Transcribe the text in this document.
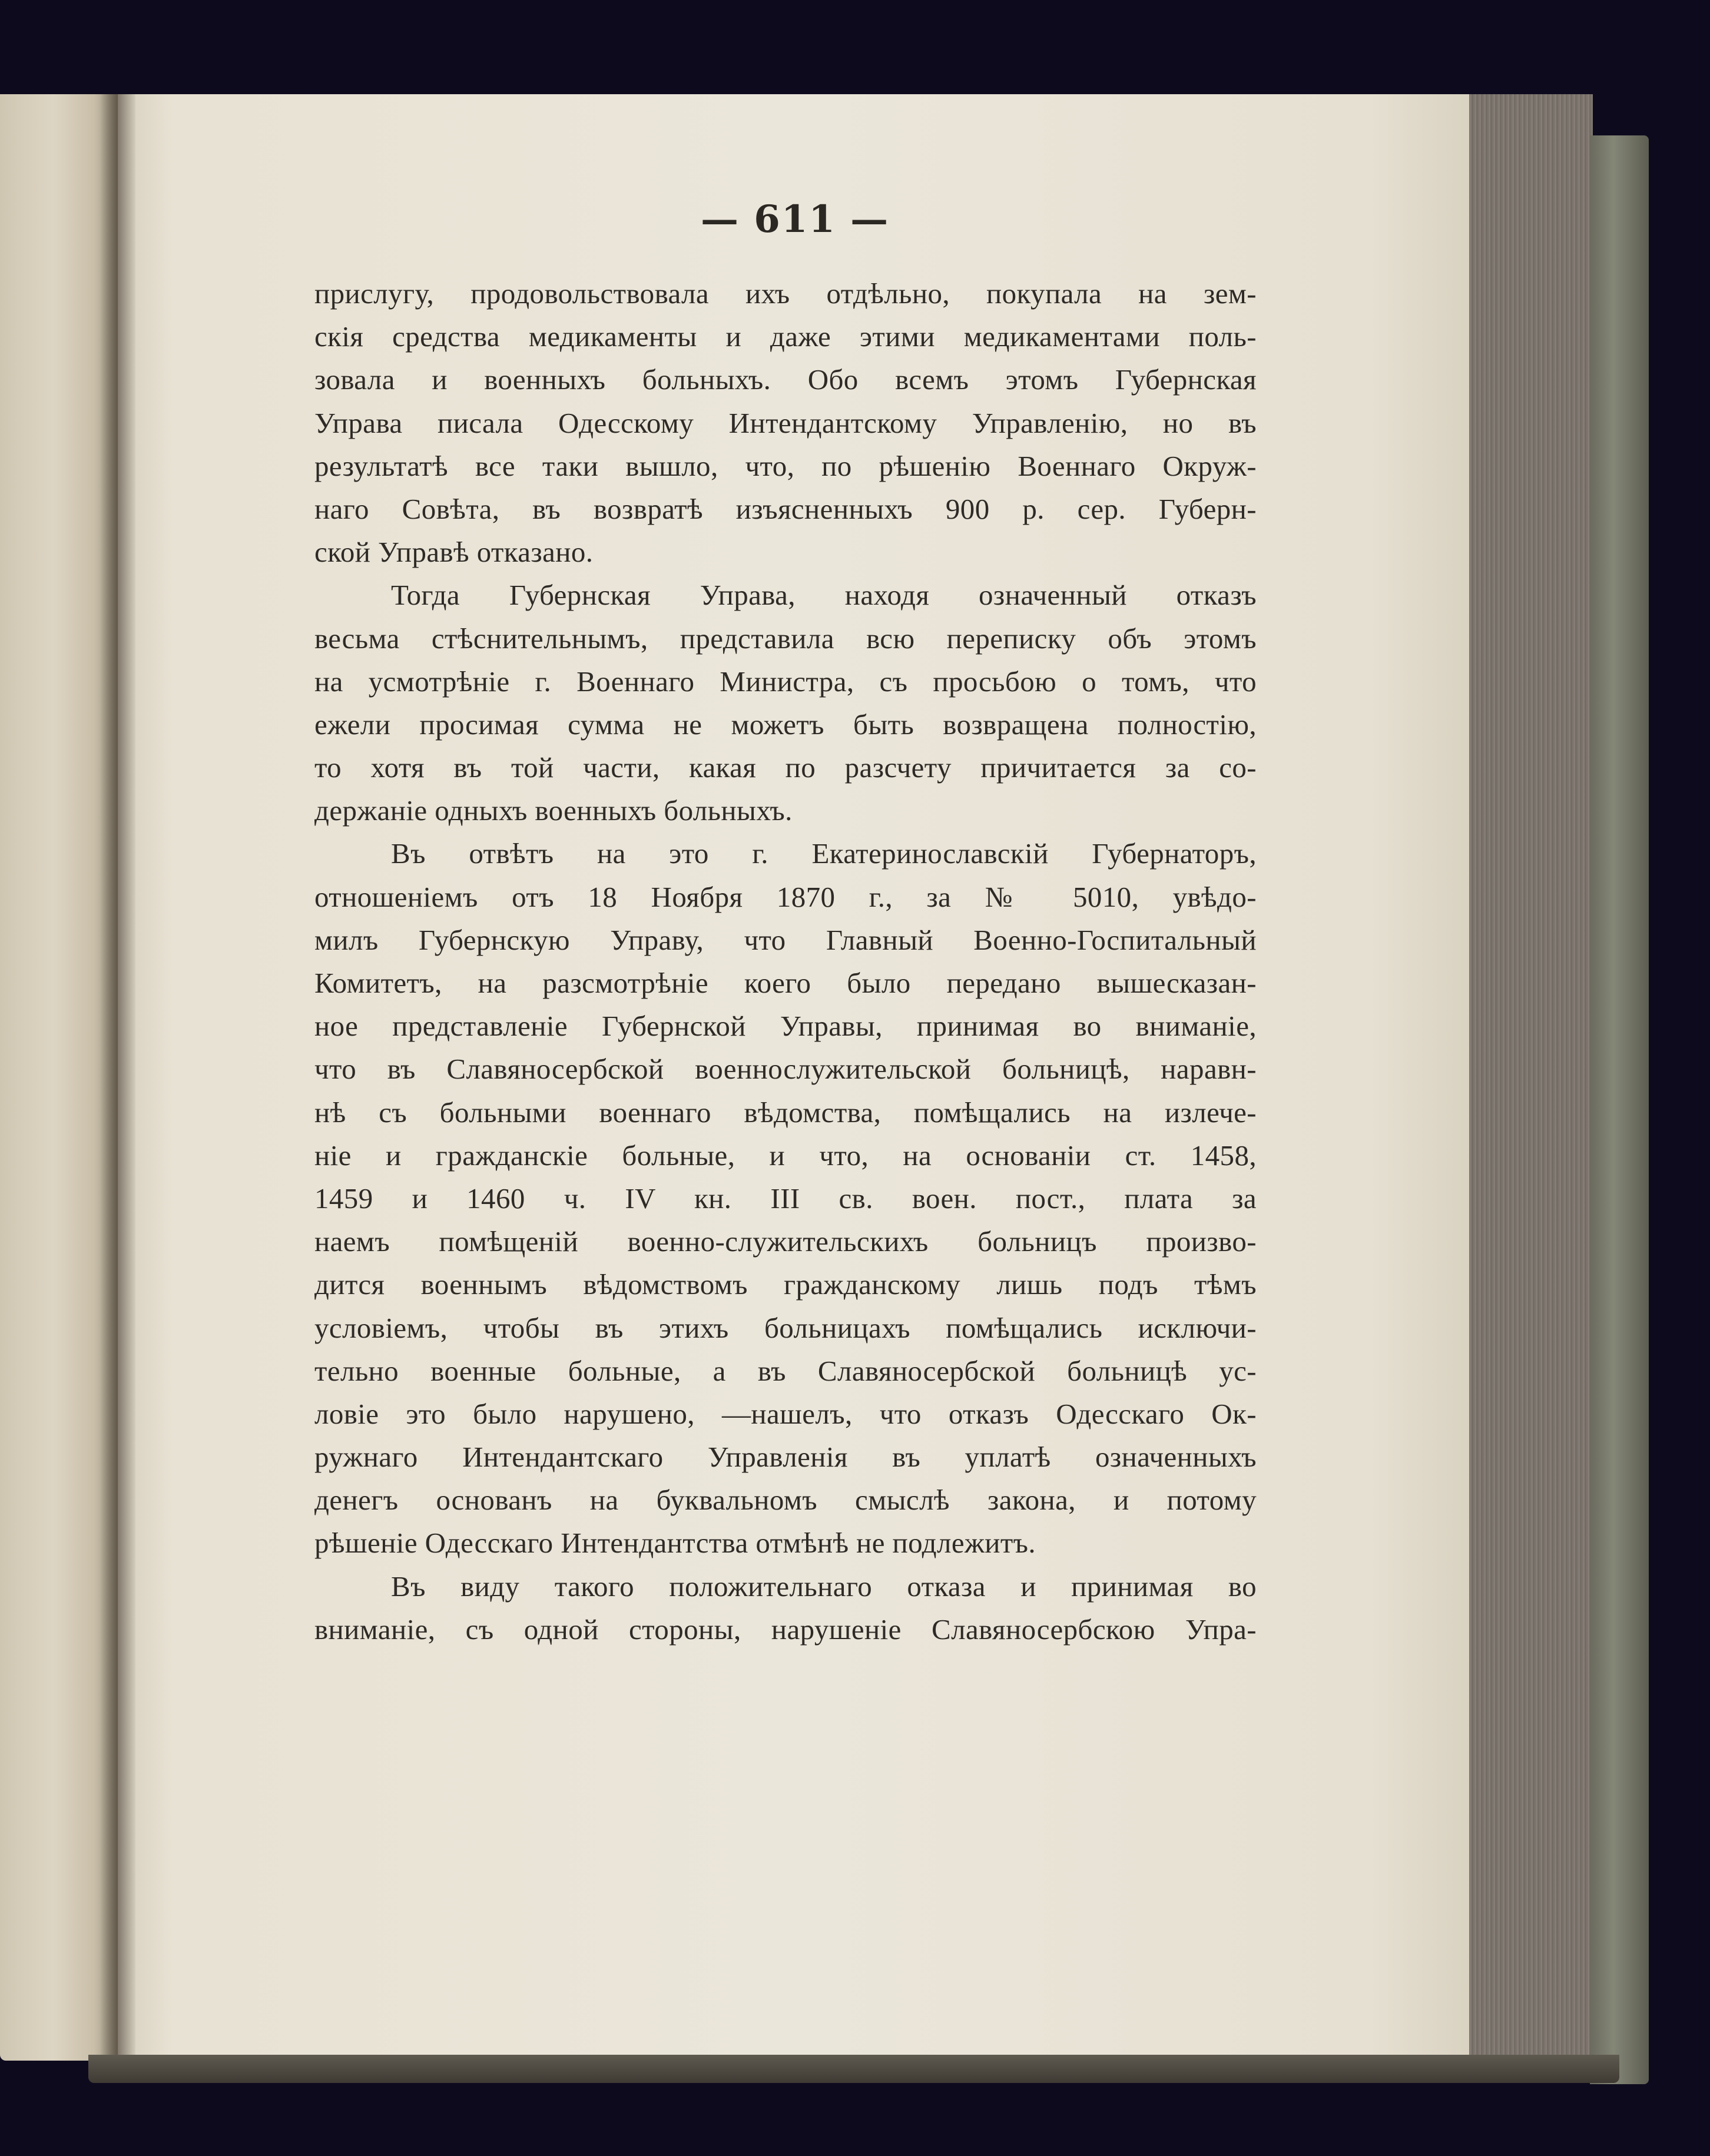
— 611 —
прислугу, продовольствовала ихъ отдѣльно, покупала на зем-
скія средства медикаменты и даже этими медикаментами поль-
зовала и военныхъ больныхъ. Обо всемъ этомъ Губернская
Управа писала Одесскому Интендантскому Управленію, но въ
результатѣ все таки вышло, что, по рѣшенію Военнаго Окруж-
наго Совѣта, въ возвратѣ изъясненныхъ 900 р. сер. Губерн-
ской Управѣ отказано.
Тогда Губернская Управа, находя означенный отказъ
весьма стѣснительнымъ, представила всю переписку объ этомъ
на усмотрѣніе г. Военнаго Министра, съ просьбою о томъ, что
ежели просимая сумма не можетъ быть возвращена полностію,
то хотя въ той части, какая по разсчету причитается за со-
держаніе одныхъ военныхъ больныхъ.
Въ отвѣтъ на это г. Екатеринославскій Губернаторъ,
отношеніемъ отъ 18 Ноября 1870 г., за № 5010, увѣдо-
милъ Губернскую Управу, что Главный Военно-Госпитальный
Комитетъ, на разсмотрѣніе коего было передано вышесказан-
ное представленіе Губернской Управы, принимая во вниманіе,
что въ Славяносербской военнослужительской больницѣ, наравн-
нѣ съ больными военнаго вѣдомства, помѣщались на излече-
ніе и гражданскіе больные, и что, на основаніи ст. 1458,
1459 и 1460 ч. IV кн. III св. воен. пост., плата за
наемъ помѣщеній военно-служительскихъ больницъ произво-
дится военнымъ вѣдомствомъ гражданскому лишь подъ тѣмъ
условіемъ, чтобы въ этихъ больницахъ помѣщались исключи-
тельно военные больные, а въ Славяносербской больницѣ ус-
ловіе это было нарушено, —нашелъ, что отказъ Одесскаго Ок-
ружнаго Интендантскаго Управленія въ уплатѣ означенныхъ
денегъ основанъ на буквальномъ смыслѣ закона, и потому
рѣшеніе Одесскаго Интендантства отмѣнѣ не подлежитъ.
Въ виду такого положительнаго отказа и принимая во
вниманіе, съ одной стороны, нарушеніе Славяносербскою Упра-
